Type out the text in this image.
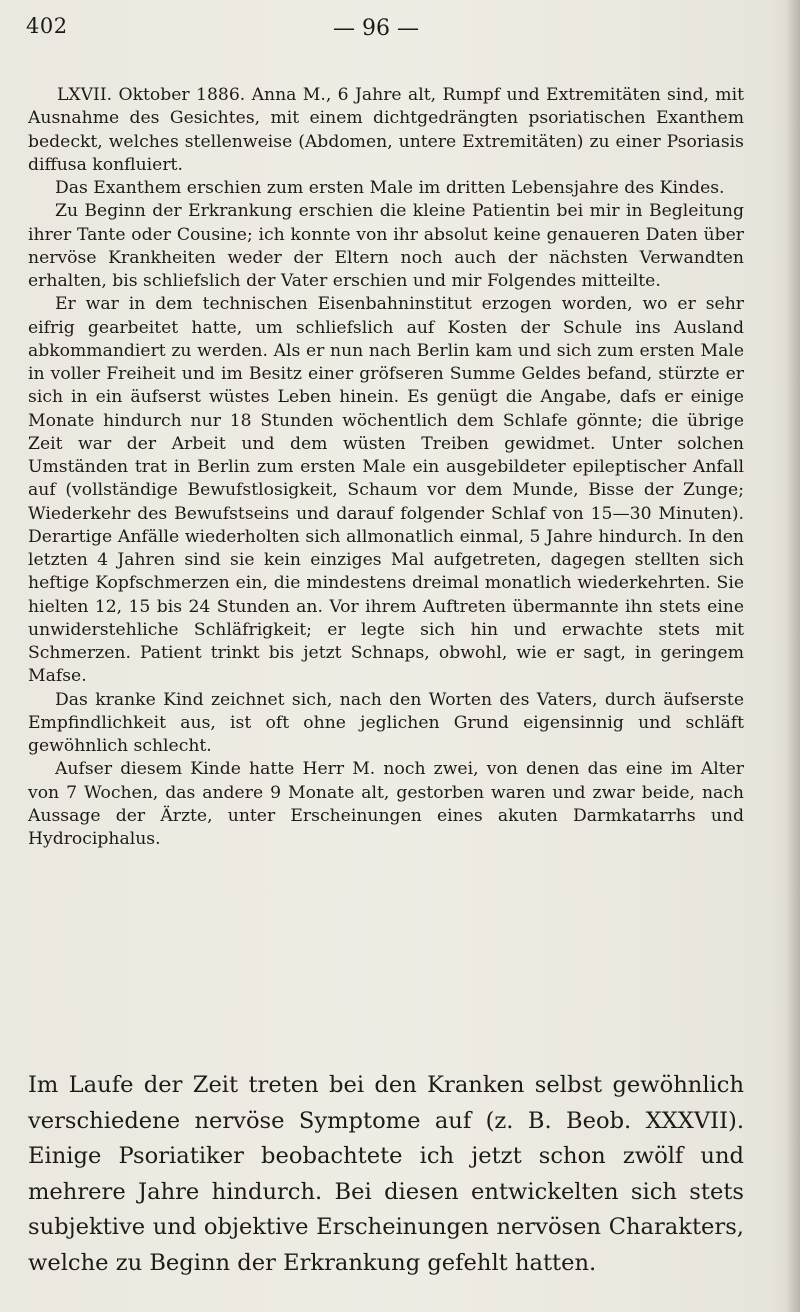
402	— 96 —

LXVII. Oktober 1886. Anna M., 6 Jahre alt, Rumpf und Extremitäten sind, mit Ausnahme des Gesichtes, mit einem dichtgedrängten psoriatischen Exanthem bedeckt, welches stellenweise (Abdomen, untere Extremitäten) zu einer Psoriasis diffusa konfluiert.

Das Exanthem erschien zum ersten Male im dritten Lebensjahre des Kindes.

Zu Beginn der Erkrankung erschien die kleine Patientin bei mir in Begleitung ihrer Tante oder Cousine; ich konnte von ihr absolut keine genaueren Daten über nervöse Krankheiten weder der Eltern noch auch der nächsten Verwandten erhalten, bis schliefslich der Vater erschien und mir Folgendes mitteilte.

Er war in dem technischen Eisenbahninstitut erzogen worden, wo er sehr eifrig gearbeitet hatte, um schliefslich auf Kosten der Schule ins Ausland abkommandiert zu werden. Als er nun nach Berlin kam und sich zum ersten Male in voller Freiheit und im Besitz einer gröfseren Summe Geldes befand, stürzte er sich in ein äufserst wüstes Leben hinein. Es genügt die Angabe, dafs er einige Monate hindurch nur 18 Stunden wöchentlich dem Schlafe gönnte; die übrige Zeit war der Arbeit und dem wüsten Treiben gewidmet. Unter solchen Umständen trat in Berlin zum ersten Male ein ausgebildeter epileptischer Anfall auf (vollständige Bewufstlosigkeit, Schaum vor dem Munde, Bisse der Zunge; Wiederkehr des Bewufstseins und darauf folgender Schlaf von 15—30 Minuten). Derartige Anfälle wiederholten sich allmonatlich einmal, 5 Jahre hindurch. In den letzten 4 Jahren sind sie kein einziges Mal aufgetreten, dagegen stellten sich heftige Kopfschmerzen ein, die mindestens dreimal monatlich wiederkehrten. Sie hielten 12, 15 bis 24 Stunden an. Vor ihrem Auftreten übermannte ihn stets eine unwiderstehliche Schläfrigkeit; er legte sich hin und erwachte stets mit Schmerzen. Patient trinkt bis jetzt Schnaps, obwohl, wie er sagt, in geringem Mafse.

Das kranke Kind zeichnet sich, nach den Worten des Vaters, durch äufserste Empfindlichkeit aus, ist oft ohne jeglichen Grund eigensinnig und schläft gewöhnlich schlecht.

Aufser diesem Kinde hatte Herr M. noch zwei, von denen das eine im Alter von 7 Wochen, das andere 9 Monate alt, gestorben waren und zwar beide, nach Aussage der Ärzte, unter Erscheinungen eines akuten Darmkatarrhs und Hydrociphalus.

Im Laufe der Zeit treten bei den Kranken selbst gewöhnlich verschiedene nervöse Symptome auf (z. B. Beob. XXXVII). Einige Psoriatiker beobachtete ich jetzt schon zwölf und mehrere Jahre hindurch. Bei diesen entwickelten sich stets subjektive und objektive Erscheinungen nervösen Charakters, welche zu Beginn der Erkrankung gefehlt hatten.
